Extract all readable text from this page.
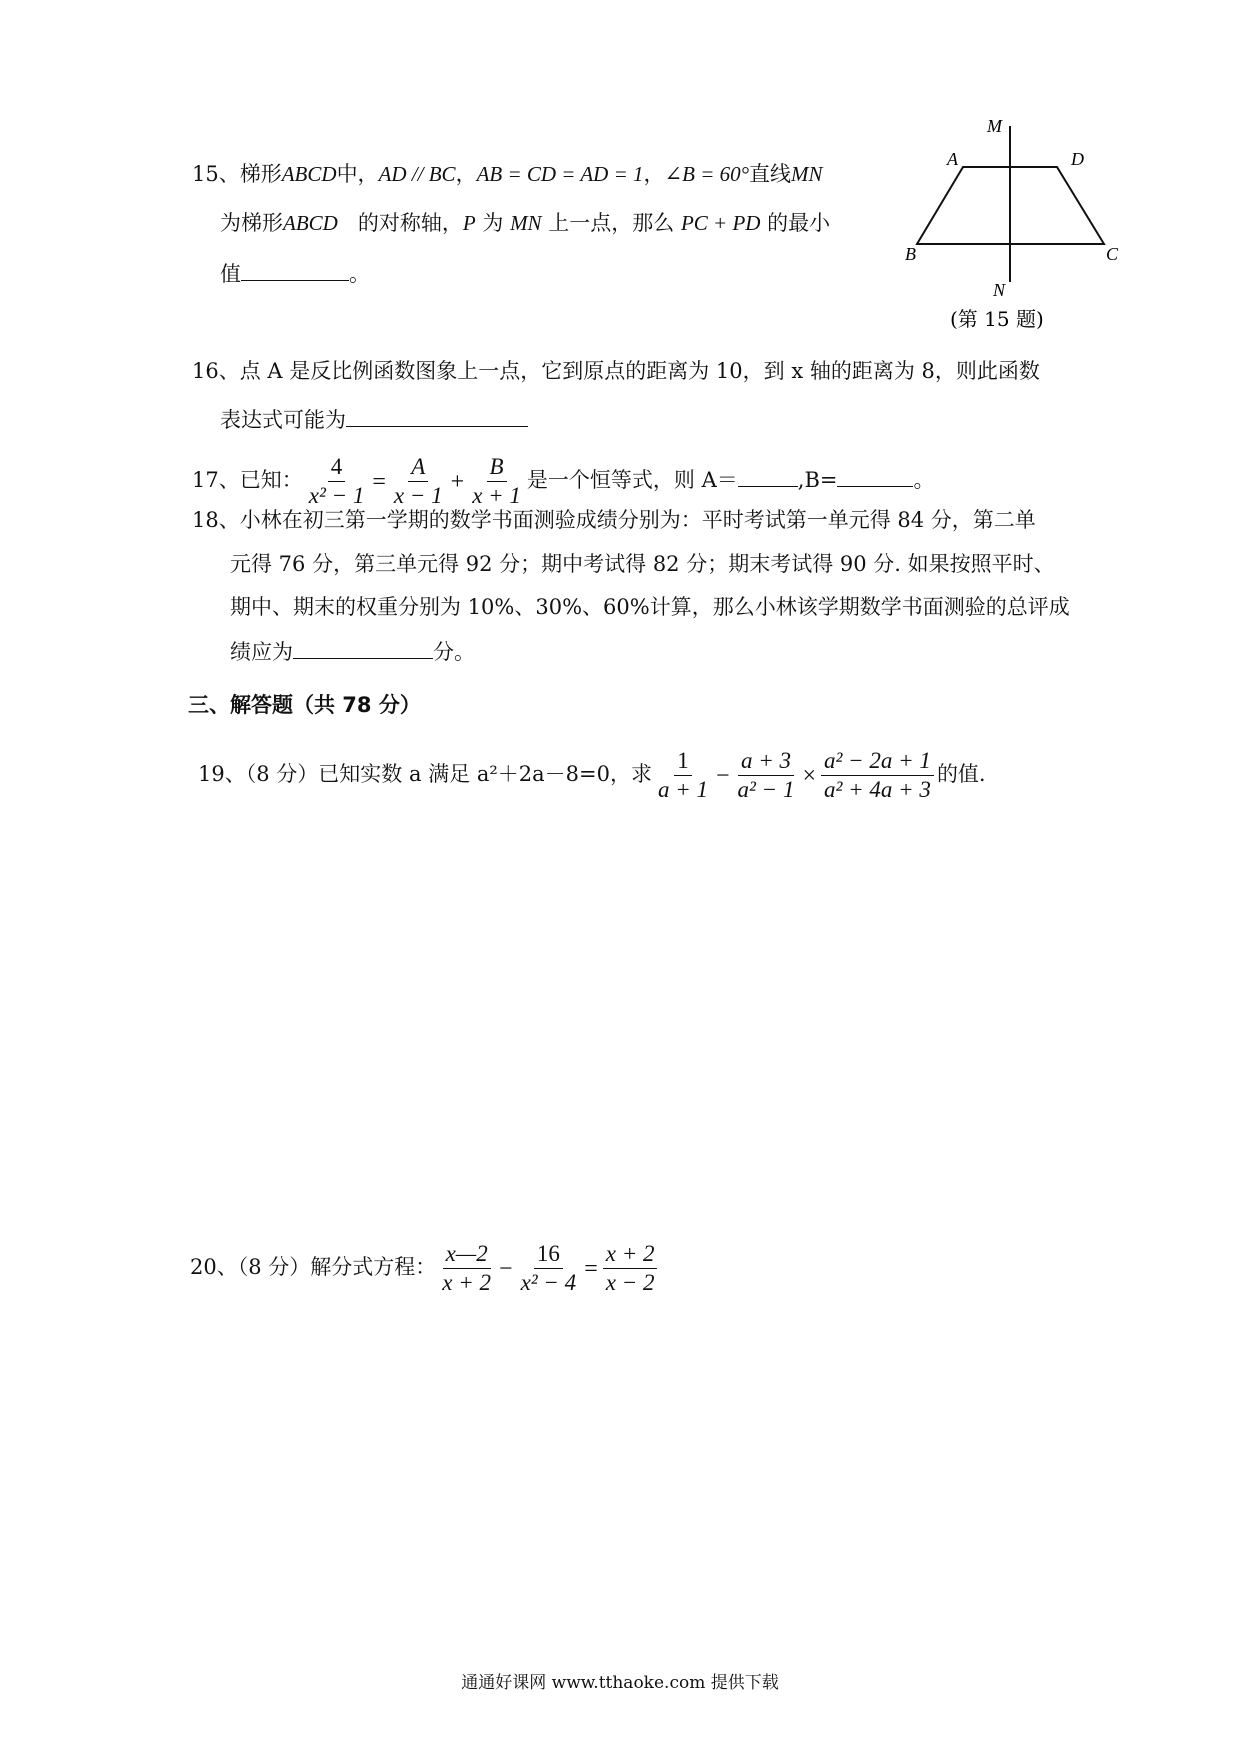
15、梯形ABCD中，AD // BC，AB = CD = AD = 1，∠B = 60°直线MN
为梯形ABCD 的对称轴，P 为 MN 上一点，那么 PC + PD 的最小
值	。
M
A	D
B	C
N
(第 15 题)
16、点 A 是反比例函数图象上一点，它到原点的距离为 10，到 x 轴的距离为 8，则此函数
表达式可能为
17、已知： $\frac{4}{\text{x² − 1}} = \frac{A}{x - 1} + \frac{B}{x + 1}$ 是一个恒等式，则 A＝	,B=	。
18、小林在初三第一学期的数学书面测验成绩分别为：平时考试第一单元得 84 分，第二单
元得 76 分，第三单元得 92 分；期中考试得 82 分；期末考试得 90 分. 如果按照平时、
期中、期末的权重分别为 10%、30%、60%计算，那么小林该学期数学书面测验的总评成
绩应为	分。
三、解答题（共 78 分）
19、（8 分）已知实数 a 满足 a²＋2a－8=0，求 $\frac{1}{a + 1} - \frac{a + 3}{\text{a² − 1}} \times \frac{\text{a² − 2a + 1}}{\text{a² + 4a + 3}}$ 的值.
20、（8 分）解分式方程： $\frac{x—2}{x + 2} - \frac{16}{\text{x² − 4}} = \frac{x + 2}{x - 2}$
通通好课网 www.tthaoke.com 提供下载
